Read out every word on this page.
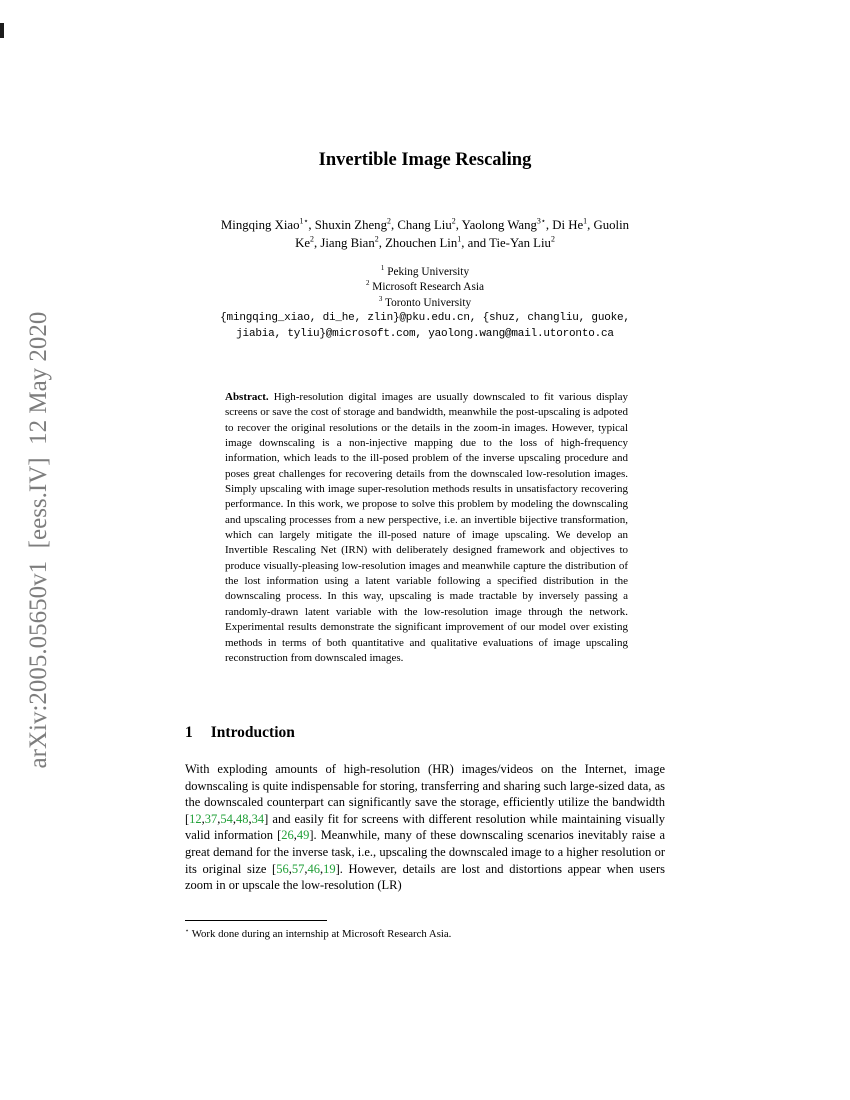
arXiv:2005.05650v1  [eess.IV]  12 May 2020
Invertible Image Rescaling
Mingqing Xiao$^{1⋆}$, Shuxin Zheng$^2$, Chang Liu$^2$, Yaolong Wang$^{3⋆}$, Di He$^1$, Guolin
Ke$^2$, Jiang Bian$^2$, Zhouchen Lin$^1$, and Tie-Yan Liu$^2$
$^1$ Peking University
$^2$ Microsoft Research Asia
$^3$ Toronto University
{mingqing_xiao, di_he, zlin}@pku.edu.cn, {shuz, changliu, guoke,
jiabia, tyliu}@microsoft.com, yaolong.wang@mail.utoronto.ca
Abstract. High-resolution digital images are usually downscaled to fit various display screens or save the cost of storage and bandwidth, meanwhile the post-upscaling is adpoted to recover the original resolutions or the details in the zoom-in images. However, typical image downscaling is a non-injective mapping due to the loss of high-frequency information, which leads to the ill-posed problem of the inverse upscaling procedure and poses great challenges for recovering details from the downscaled low-resolution images. Simply upscaling with image super-resolution methods results in unsatisfactory recovering performance. In this work, we propose to solve this problem by modeling the downscaling and upscaling processes from a new perspective, i.e. an invertible bijective transformation, which can largely mitigate the ill-posed nature of image upscaling. We develop an Invertible Rescaling Net (IRN) with deliberately designed framework and objectives to produce visually-pleasing low-resolution images and meanwhile capture the distribution of the lost information using a latent variable following a specified distribution in the downscaling process. In this way, upscaling is made tractable by inversely passing a randomly-drawn latent variable with the low-resolution image through the network. Experimental results demonstrate the significant improvement of our model over existing methods in terms of both quantitative and qualitative evaluations of image upscaling reconstruction from downscaled images.
1 Introduction

With exploding amounts of high-resolution (HR) images/videos on the Internet, image downscaling is quite indispensable for storing, transferring and sharing such large-sized data, as the downscaled counterpart can significantly save the storage, efficiently utilize the bandwidth [12,37,54,48,34] and easily fit for screens with different resolution while maintaining visually valid information [26,49]. Meanwhile, many of these downscaling scenarios inevitably raise a great demand for the inverse task, i.e., upscaling the downscaled image to a higher resolution or its original size [56,57,46,19]. However, details are lost and distortions appear when users zoom in or upscale the low-resolution (LR)

⋆ Work done during an internship at Microsoft Research Asia.
